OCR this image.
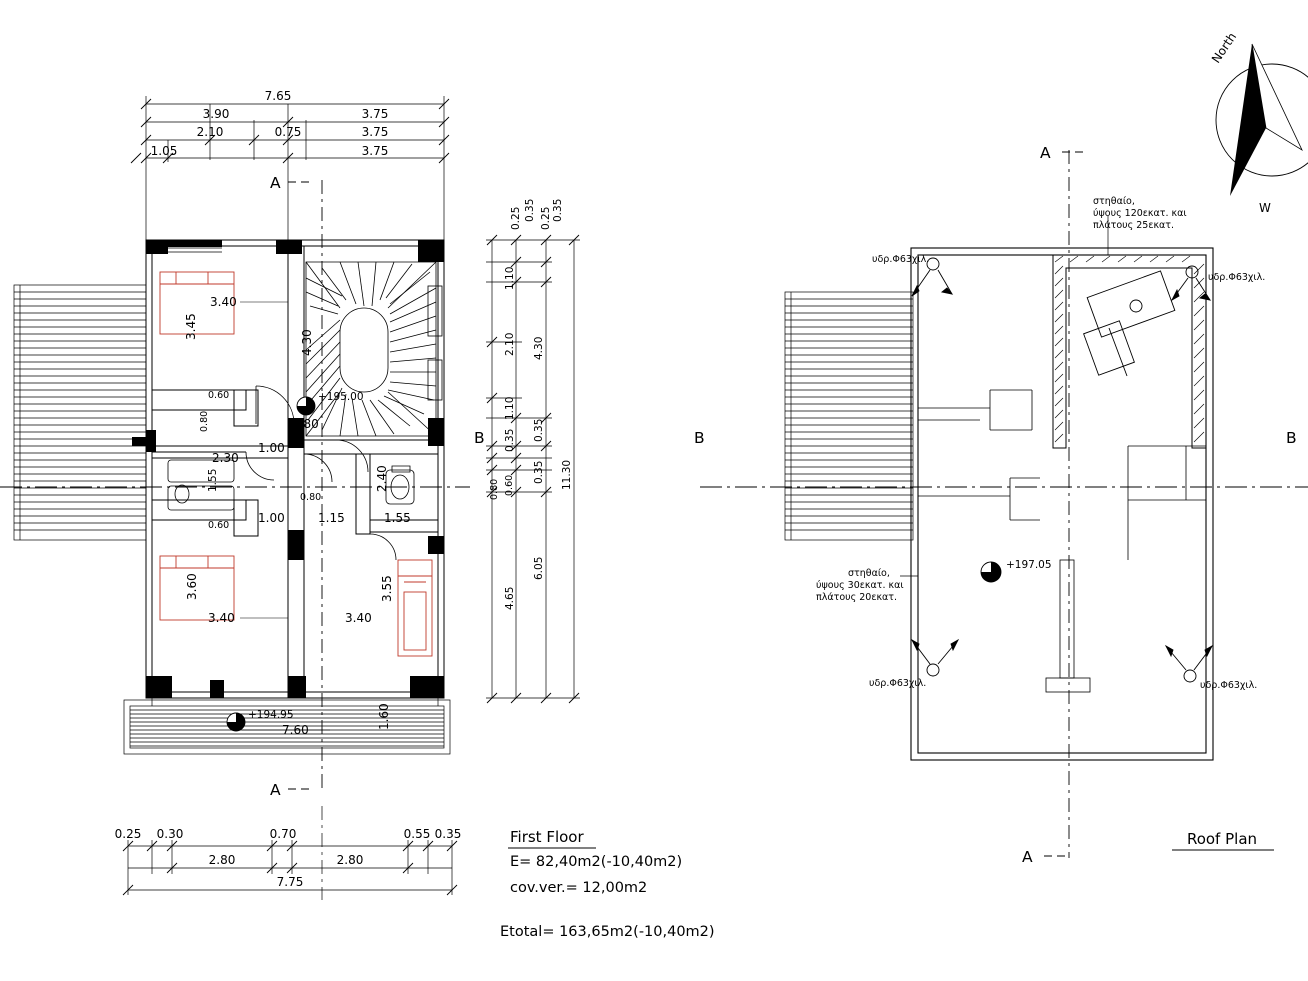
+195.00
+194.95
7.65
3.90	3.75
2.10	0.75	3.75
1.05	3.75
A
A
B
0.35
0.25	0.35
0.25
1.10
2.10
1.10
0.35
0.80 0.60
4.65
4.30
0.35
0.35
6.05
11.30
3.40
3.45
4.30
0.60
0.80
2.30
1.55
0.60
1.00
1.00
2.80
0.80
1.15	1.55
2.40
3.60
3.40	3.40
3.55
7.60	1.60
0.25 0.30	0.70	0.55 0.35
2.80	2.80
7.75
First Floor
E= 82,40m2(-10,40m2)
cov.ver.= 12,00m2
Etotal= 163,65m2(-10,40m2)
B	B
A
A
υδρ.Φ63χιλ.
υδρ.Φ63χιλ.
υδρ.Φ63χιλ.	υδρ.Φ63χιλ.
+197.05
στηθαίο,
ύψους 120εκατ. και
πλάτους 25εκατ.
στηθαίο,
ύψους 30εκατ. και
πλάτους 20εκατ.
North
W
Roof Plan
